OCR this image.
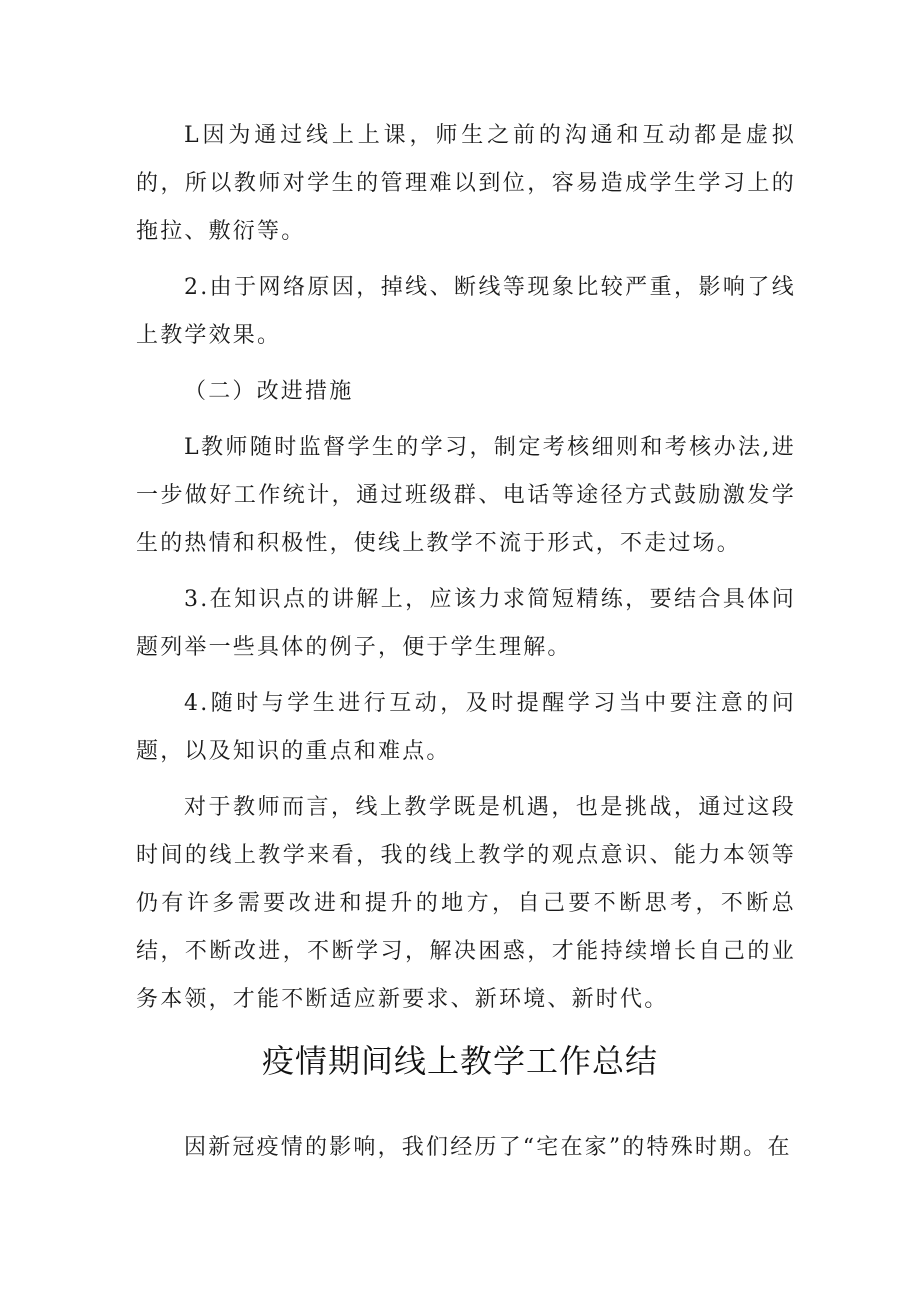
L因为通过线上上课，师生之前的沟通和互动都是虚拟的，所以教师对学生的管理难以到位，容易造成学生学习上的拖拉、敷衍等。

2.由于网络原因，掉线、断线等现象比较严重，影响了线上教学效果。

（二）改进措施

L教师随时监督学生的学习，制定考核细则和考核办法,进一步做好工作统计，通过班级群、电话等途径方式鼓励激发学生的热情和积极性，使线上教学不流于形式，不走过场。

3.在知识点的讲解上，应该力求简短精练，要结合具体问题列举一些具体的例子，便于学生理解。

4.随时与学生进行互动，及时提醒学习当中要注意的问题，以及知识的重点和难点。

对于教师而言，线上教学既是机遇，也是挑战，通过这段时间的线上教学来看，我的线上教学的观点意识、能力本领等仍有许多需要改进和提升的地方，自己要不断思考，不断总结，不断改进，不断学习，解决困惑，才能持续增长自己的业务本领，才能不断适应新要求、新环境、新时代。

疫情期间线上教学工作总结

因新冠疫情的影响，我们经历了“宅在家”的特殊时期。在
